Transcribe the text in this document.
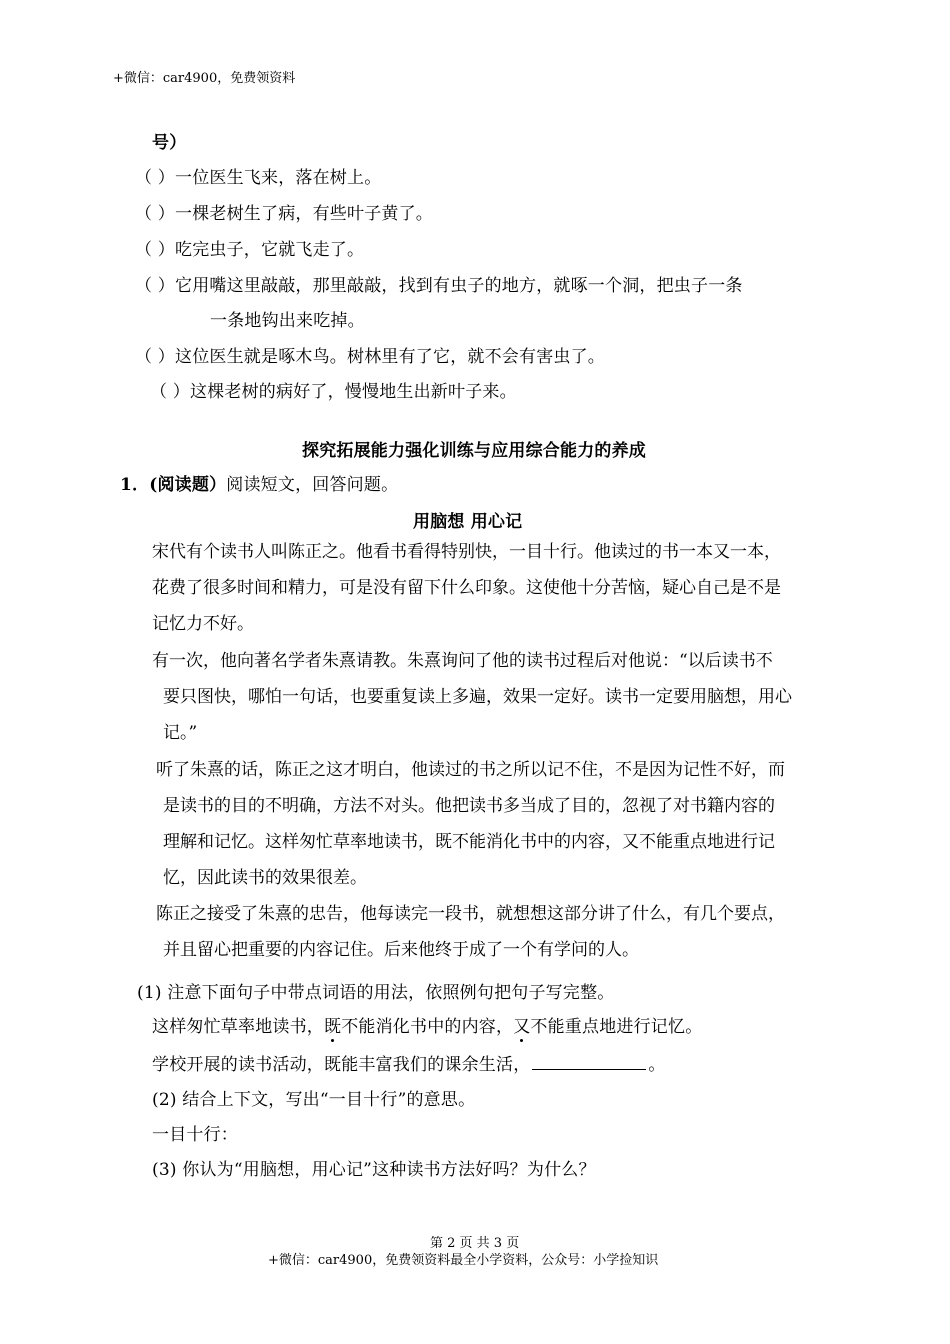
+微信：car4900，免费领资料
号）
（ ）一位医生飞来，落在树上。
（ ）一棵老树生了病，有些叶子黄了。
（ ）吃完虫子，它就飞走了。
（ ）它用嘴这里敲敲，那里敲敲，找到有虫子的地方，就啄一个洞，把虫子一条
一条地钩出来吃掉。
（ ）这位医生就是啄木鸟。树林里有了它，就不会有害虫了。
（ ）这棵老树的病好了，慢慢地生出新叶子来。
探究拓展能力强化训练与应用综合能力的养成
1．(阅读题）阅读短文，回答问题。
用脑想 用心记
宋代有个读书人叫陈正之。他看书看得特别快，一目十行。他读过的书一本又一本，
花费了很多时间和精力，可是没有留下什么印象。这使他十分苦恼，疑心自己是不是
记忆力不好。
有一次，他向著名学者朱熹请教。朱熹询问了他的读书过程后对他说：“以后读书不
要只图快，哪怕一句话，也要重复读上多遍，效果一定好。读书一定要用脑想，用心
记。”
听了朱熹的话，陈正之这才明白，他读过的书之所以记不住，不是因为记性不好，而
是读书的目的不明确，方法不对头。他把读书多当成了目的，忽视了对书籍内容的
理解和记忆。这样匆忙草率地读书，既不能消化书中的内容，又不能重点地进行记
忆，因此读书的效果很差。
陈正之接受了朱熹的忠告，他每读完一段书，就想想这部分讲了什么，有几个要点，
并且留心把重要的内容记住。后来他终于成了一个有学问的人。
(1) 注意下面句子中带点词语的用法，依照例句把句子写完整。
这样匆忙草率地读书，既不能消化书中的内容，又不能重点地进行记忆。
学校开展的读书活动，既能丰富我们的课余生活，	。
(2) 结合上下文，写出“一目十行”的意思。
一目十行：
(3) 你认为“用脑想，用心记”这种读书方法好吗？为什么？
第 2 页 共 3 页
+微信：car4900，免费领资料最全小学资料，公众号：小学捡知识
